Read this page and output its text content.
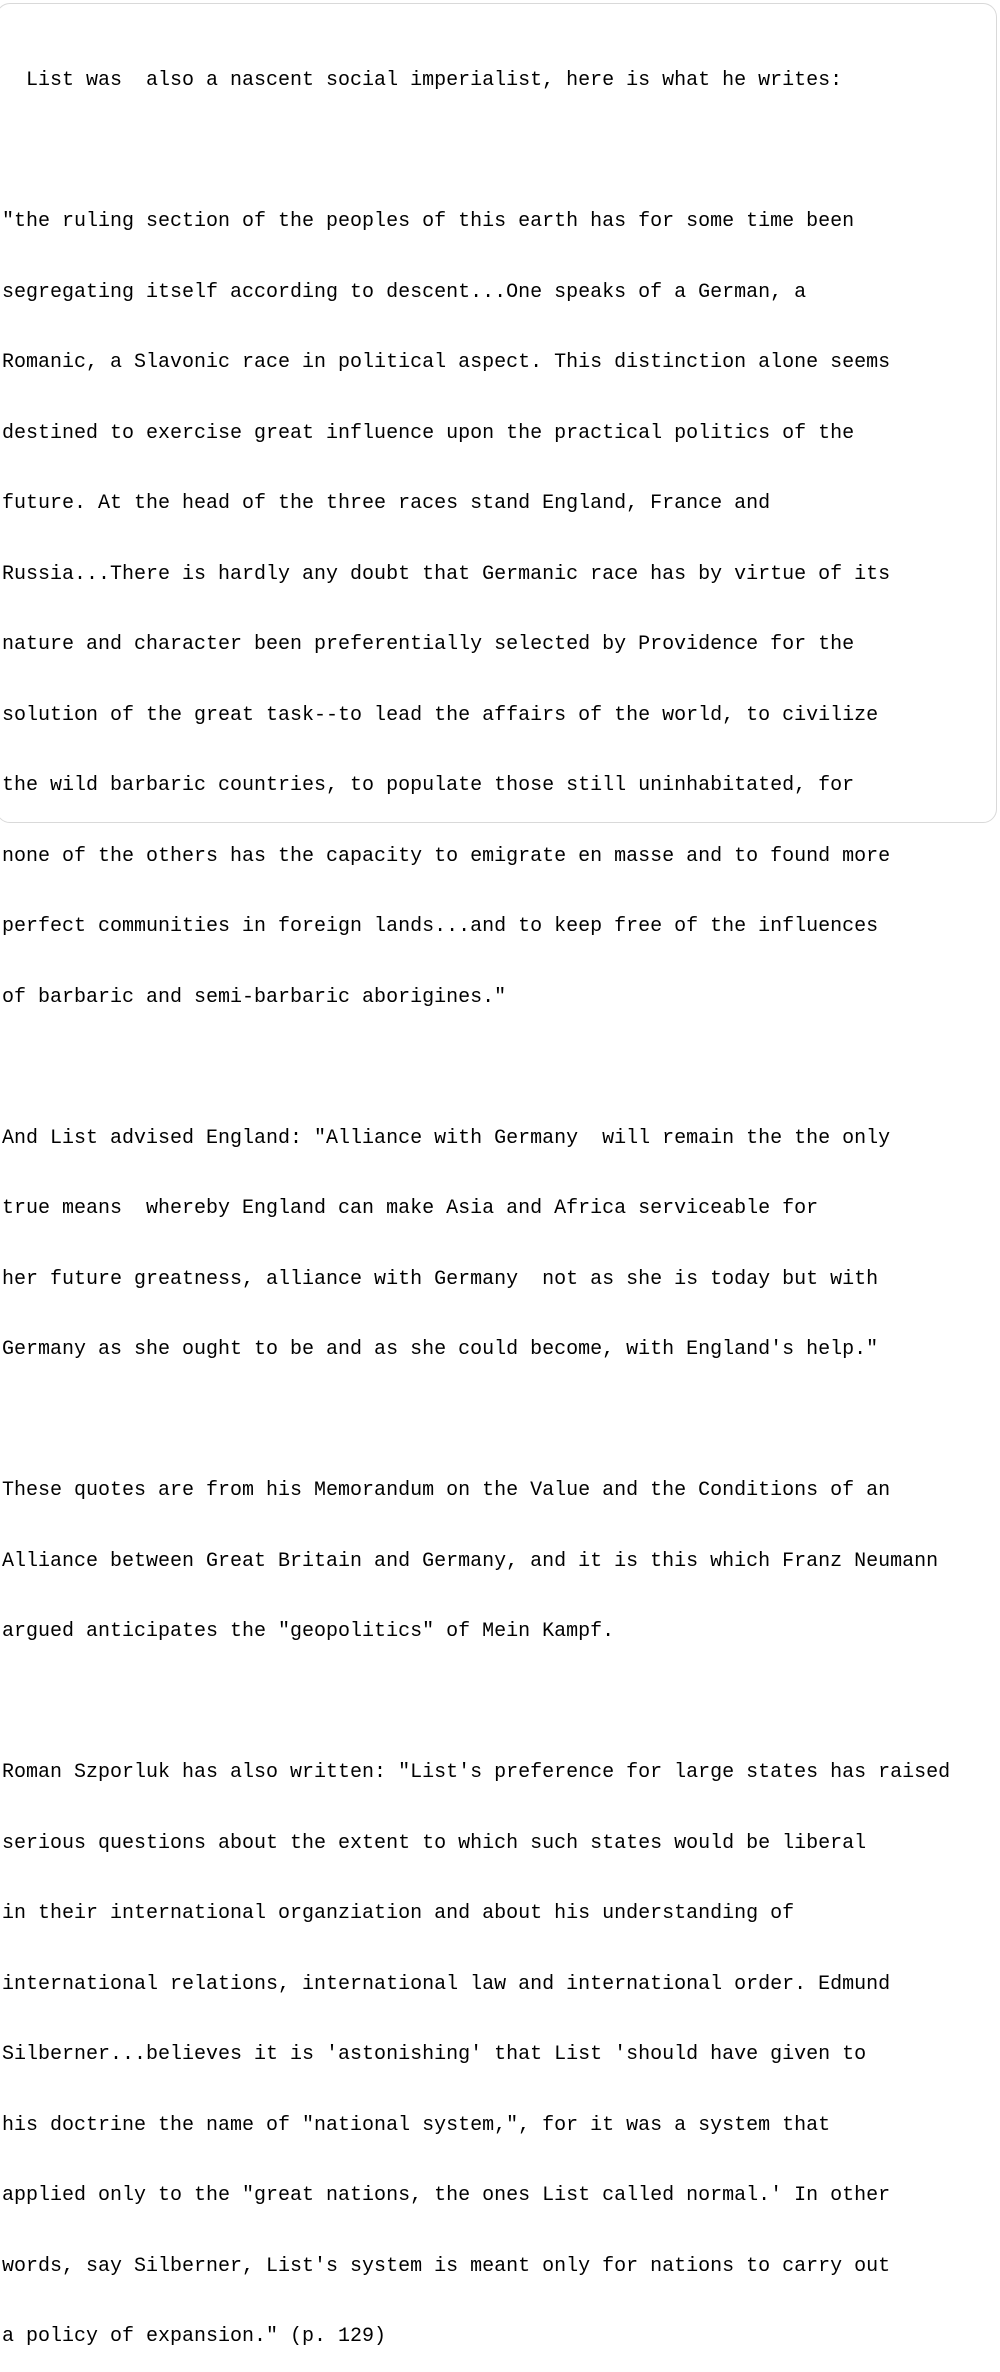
List was  also a nascent social imperialist, here is what he writes:

"the ruling section of the peoples of this earth has for some time been

segregating itself according to descent...One speaks of a German, a

Romanic, a Slavonic race in political aspect. This distinction alone seems

destined to exercise great influence upon the practical politics of the

future. At the head of the three races stand England, France and

Russia...There is hardly any doubt that Germanic race has by virtue of its

nature and character been preferentially selected by Providence for the

solution of the great task--to lead the affairs of the world, to civilize

the wild barbaric countries, to populate those still uninhabitated, for

none of the others has the capacity to emigrate en masse and to found more

perfect communities in foreign lands...and to keep free of the influences

of barbaric and semi-barbaric aborigines."

And List advised England: "Alliance with Germany  will remain the the only

true means  whereby England can make Asia and Africa serviceable for

her future greatness, alliance with Germany  not as she is today but with

Germany as she ought to be and as she could become, with England's help."

These quotes are from his Memorandum on the Value and the Conditions of an

Alliance between Great Britain and Germany, and it is this which Franz Neumann

argued anticipates the "geopolitics" of Mein Kampf.

Roman Szporluk has also written: "List's preference for large states has raised

serious questions about the extent to which such states would be liberal

in their international organziation and about his understanding of

international relations, international law and international order. Edmund

Silberner...believes it is 'astonishing' that List 'should have given to

his doctrine the name of "national system,", for it was a system that

applied only to the "great nations, the ones List called normal.' In other

words, say Silberner, List's system is meant only for nations to carry out

a policy of expansion." (p. 129)
